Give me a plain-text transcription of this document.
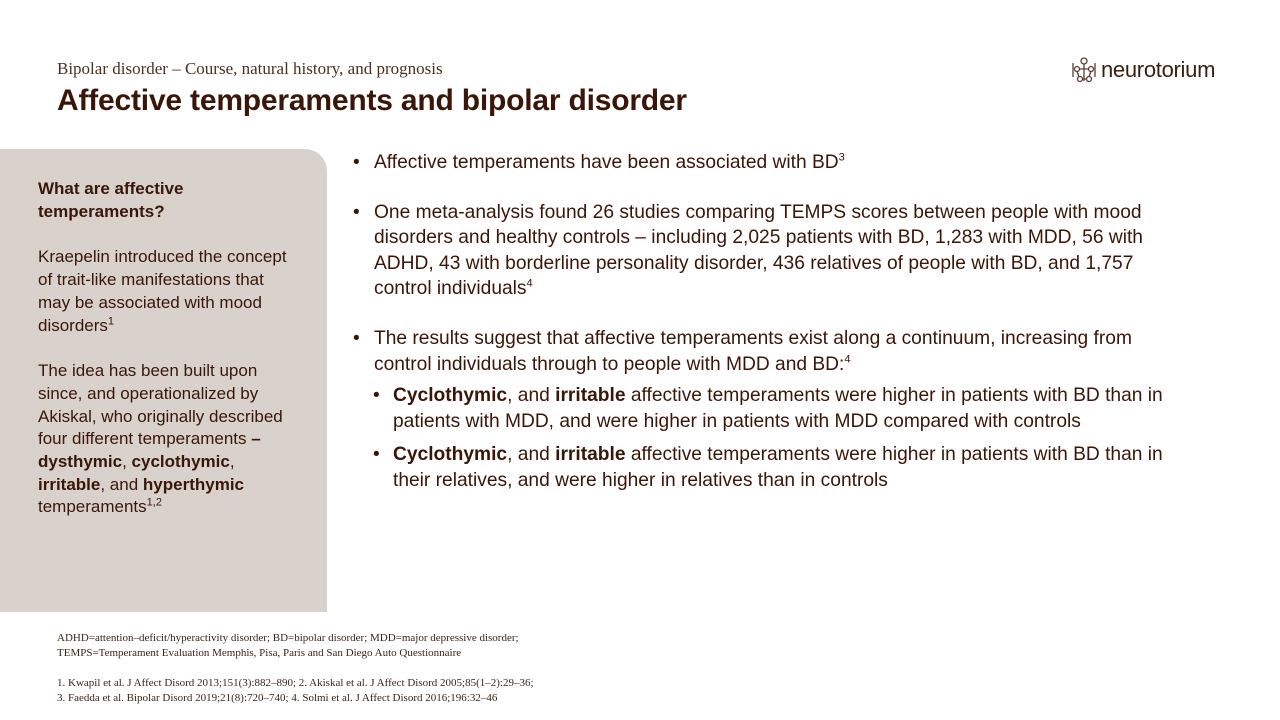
Bipolar disorder – Course, natural history, and prognosis
Affective temperaments and bipolar disorder
neurotorium

What are affective temperaments?

Kraepelin introduced the concept of trait-like manifestations that may be associated with mood disorders$^1$

The idea has been built upon since, and operationalized by Akiskal, who originally described four different temperaments – dysthymic, cyclothymic, irritable, and hyperthymic temperaments$^{1,2}$

• Affective temperaments have been associated with $BD^3$
• One meta-analysis found 26 studies comparing TEMPS scores between people with mood disorders and healthy controls – including 2,025 patients with BD, 1,283 with MDD, 56 with ADHD, 43 with borderline personality disorder, 436 relatives of people with BD, and 1,757 control individuals$^4$
• The results suggest that affective temperaments exist along a continuum, increasing from control individuals through to people with MDD and BD:$^4$
• Cyclothymic, and irritable affective temperaments were higher in patients with BD than in patients with MDD, and were higher in patients with MDD compared with controls
• Cyclothymic, and irritable affective temperaments were higher in patients with BD than in their relatives, and were higher in relatives than in controls

ADHD=attention–deficit/hyperactivity disorder; BD=bipolar disorder; MDD=major depressive disorder;

TEMPS=Temperament Evaluation Memphis, Pisa, Paris and San Diego Auto Questionnaire

1. Kwapil et al. J Affect Disord 2013;151(3):882–890; 2. Akiskal et al. J Affect Disord 2005;85(1–2):29–36;

3. Faedda et al. Bipolar Disord 2019;21(8):720–740; 4. Solmi et al. J Affect Disord 2016;196:32–46
